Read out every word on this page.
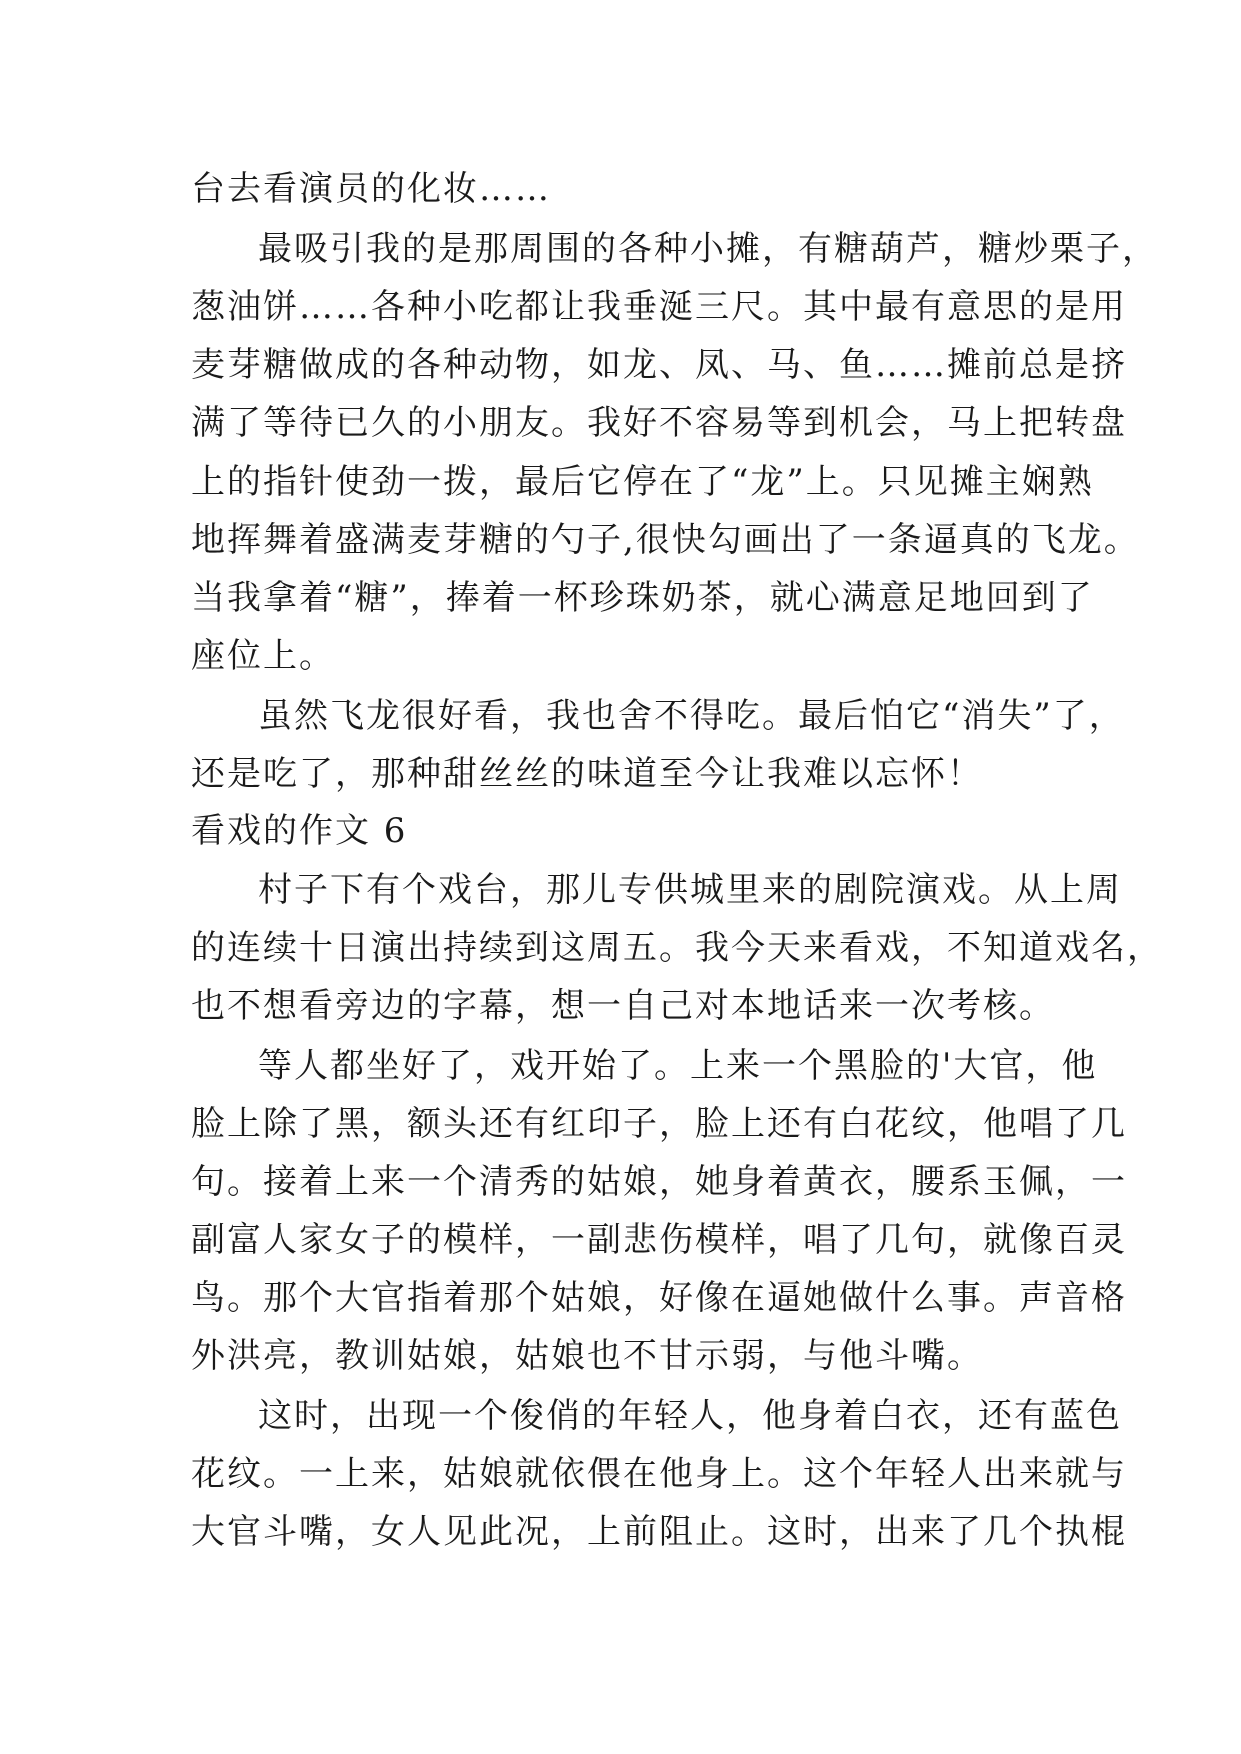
台去看演员的化妆……
最吸引我的是那周围的各种小摊，有糖葫芦，糖炒栗子，
葱油饼……各种小吃都让我垂涎三尺。其中最有意思的是用
麦芽糖做成的各种动物，如龙、凤、马、鱼……摊前总是挤
满了等待已久的小朋友。我好不容易等到机会，马上把转盘
上的指针使劲一拨，最后它停在了“龙”上。只见摊主娴熟
地挥舞着盛满麦芽糖的勺子,很快勾画出了一条逼真的飞龙。
当我拿着“糖”，捧着一杯珍珠奶茶，就心满意足地回到了
座位上。
虽然飞龙很好看，我也舍不得吃。最后怕它“消失”了，
还是吃了，那种甜丝丝的味道至今让我难以忘怀！
看戏的作文 6
村子下有个戏台，那儿专供城里来的剧院演戏。从上周
的连续十日演出持续到这周五。我今天来看戏，不知道戏名，
也不想看旁边的字幕，想一自己对本地话来一次考核。
等人都坐好了，戏开始了。上来一个黑脸的'大官，他
脸上除了黑，额头还有红印子，脸上还有白花纹，他唱了几
句。接着上来一个清秀的姑娘，她身着黄衣，腰系玉佩，一
副富人家女子的模样，一副悲伤模样，唱了几句，就像百灵
鸟。那个大官指着那个姑娘，好像在逼她做什么事。声音格
外洪亮，教训姑娘，姑娘也不甘示弱，与他斗嘴。
这时，出现一个俊俏的年轻人，他身着白衣，还有蓝色
花纹。一上来，姑娘就依偎在他身上。这个年轻人出来就与
大官斗嘴，女人见此况，上前阻止。这时，出来了几个执棍
